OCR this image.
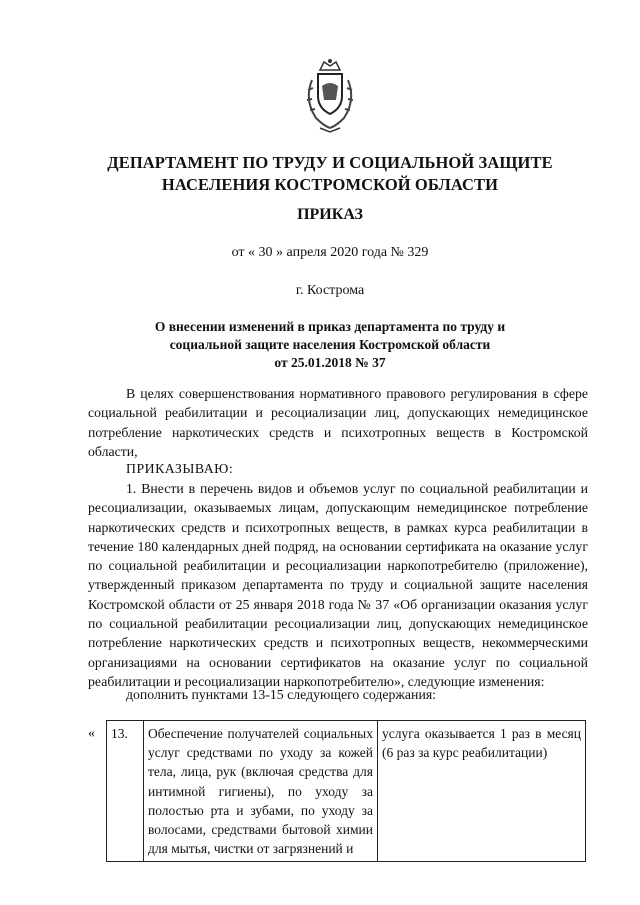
ДЕПАРТАМЕНТ ПО ТРУДУ И СОЦИАЛЬНОЙ ЗАЩИТЕ
НАСЕЛЕНИЯ КОСТРОМСКОЙ ОБЛАСТИ
ПРИКАЗ
от « 30 » апреля 2020 года № 329
г. Кострома
О внесении изменений в приказ департамента по труду и
социальной защите населения Костромской области
от 25.01.2018 № 37
В целях совершенствования нормативного правового регулирования в сфере социальной реабилитации и ресоциализации лиц, допускающих немедицинское потребление наркотических средств и психотропных веществ в Костромской области,
ПРИКАЗЫВАЮ:
1. Внести в перечень видов и объемов услуг по социальной реабилитации и ресоциализации, оказываемых лицам, допускающим немедицинское потребление наркотических средств и психотропных веществ, в рамках курса реабилитации в течение 180 календарных дней подряд, на основании сертификата на оказание услуг по социальной реабилитации и ресоциализации наркопотребителю (приложение), утвержденный приказом департамента по труду и социальной защите населения Костромской области от 25 января 2018 года № 37 «Об организации оказания услуг по социальной реабилитации ресоциализации лиц, допускающих немедицинское потребление наркотических средств и психотропных веществ, некоммерческими организациями на основании сертификатов на оказание услуг по социальной реабилитации и ресоциализации наркопотребителю», следующие изменения:
дополнить пунктами 13-15 следующего содержания:
« 13.	Обеспечение получателей социальных услуг средствами по уходу за кожей тела, лица, рук (включая средства для интимной гигиены), по уходу за полостью рта и зубами, по уходу за волосами, средствами бытовой химии для мытья, чистки от загрязнений и	услуга оказывается 1 раз в месяц (6 раз за курс реабилитации)
